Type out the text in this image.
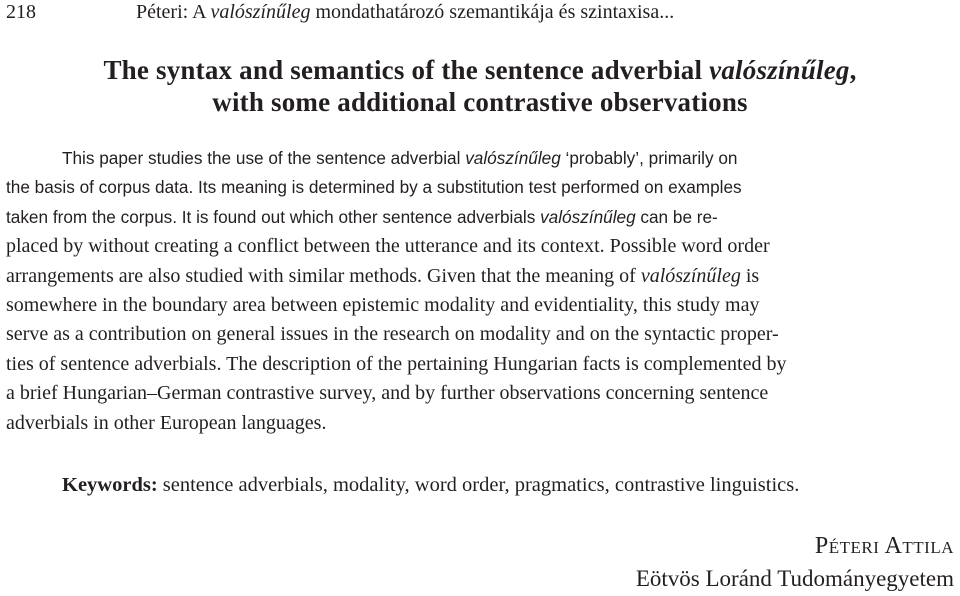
218	Péteri: A valószínűleg mondathatározó szemantikája és szintaxisa...
The syntax and semantics of the sentence adverbial valószínűleg,
with some additional contrastive observations
Keywords: sentence adverbials, modality, word order, pragmatics, contrastive linguistics.
Péteri Attila
Eötvös Loránd Tudományegyetem
This paper studies the use of the sentence adverbial valószínűleg ‘probably’, primarily on
the basis of corpus data. Its meaning is determined by a substitution test performed on examples
taken from the corpus. It is found out which other sentence adverbials valószínűleg can be re-
placed by without creating a conflict between the utterance and its context. Possible word order
arrangements are also studied with similar methods. Given that the meaning of valószínűleg is
somewhere in the boundary area between epistemic modality and evidentiality, this study may
serve as a contribution on general issues in the research on modality and on the syntactic proper-
ties of sentence adverbials. The description of the pertaining Hungarian facts is complemented by
a brief Hungarian–German contrastive survey, and by further observations concerning sentence
adverbials in other European languages.
